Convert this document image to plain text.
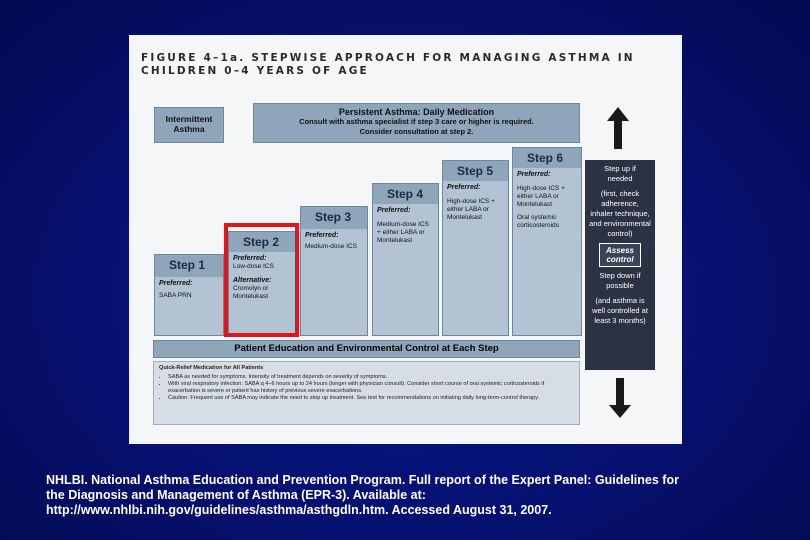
FIGURE 4–1a. STEPWISE APPROACH FOR MANAGING ASTHMA IN
CHILDREN 0–4 YEARS OF AGE
Intermittent Asthma
Persistent Asthma: Daily Medication
Consult with asthma specialist if step 3 care or higher is required.
Consider consultation at step 2.
Step 1
Preferred:
SABA PRN
Step 2
Preferred:
Low-dose ICS
Alternative:
Cromolyn or Montelukast
Step 3
Preferred:
Medium-dose ICS
Step 4
Preferred:
Medium-dose ICS + either LABA or Montelukast
Step 5
Preferred:
High-dose ICS + either LABA or Montelukast
Step 6
Preferred:
High-dose ICS + either LABA or Montelukast
Oral systemic corticosteroids
Step up if needed
(first, check adherence, inhaler technique, and environmental control)
Assess control
Step down if possible
(and asthma is well controlled at least 3 months)
Patient Education and Environmental Control at Each Step
Quick-Relief Medication for All Patients
• SABA as needed for symptoms. Intensity of treatment depends on severity of symptoms.
• With viral respiratory infection: SABA q 4–6 hours up to 24 hours (longer with physician consult). Consider short course of oral systemic corticosteroids if exacerbation is severe or patient has history of previous severe exacerbations.
• Caution: Frequent use of SABA may indicate the need to step up treatment. See text for recommendations on initiating daily long-term-control therapy.
NHLBI. National Asthma Education and Prevention Program. Full report of the Expert Panel: Guidelines for
the Diagnosis and Management of Asthma (EPR-3). Available at:
http://www.nhlbi.nih.gov/guidelines/asthma/asthgdln.htm. Accessed August 31, 2007.
